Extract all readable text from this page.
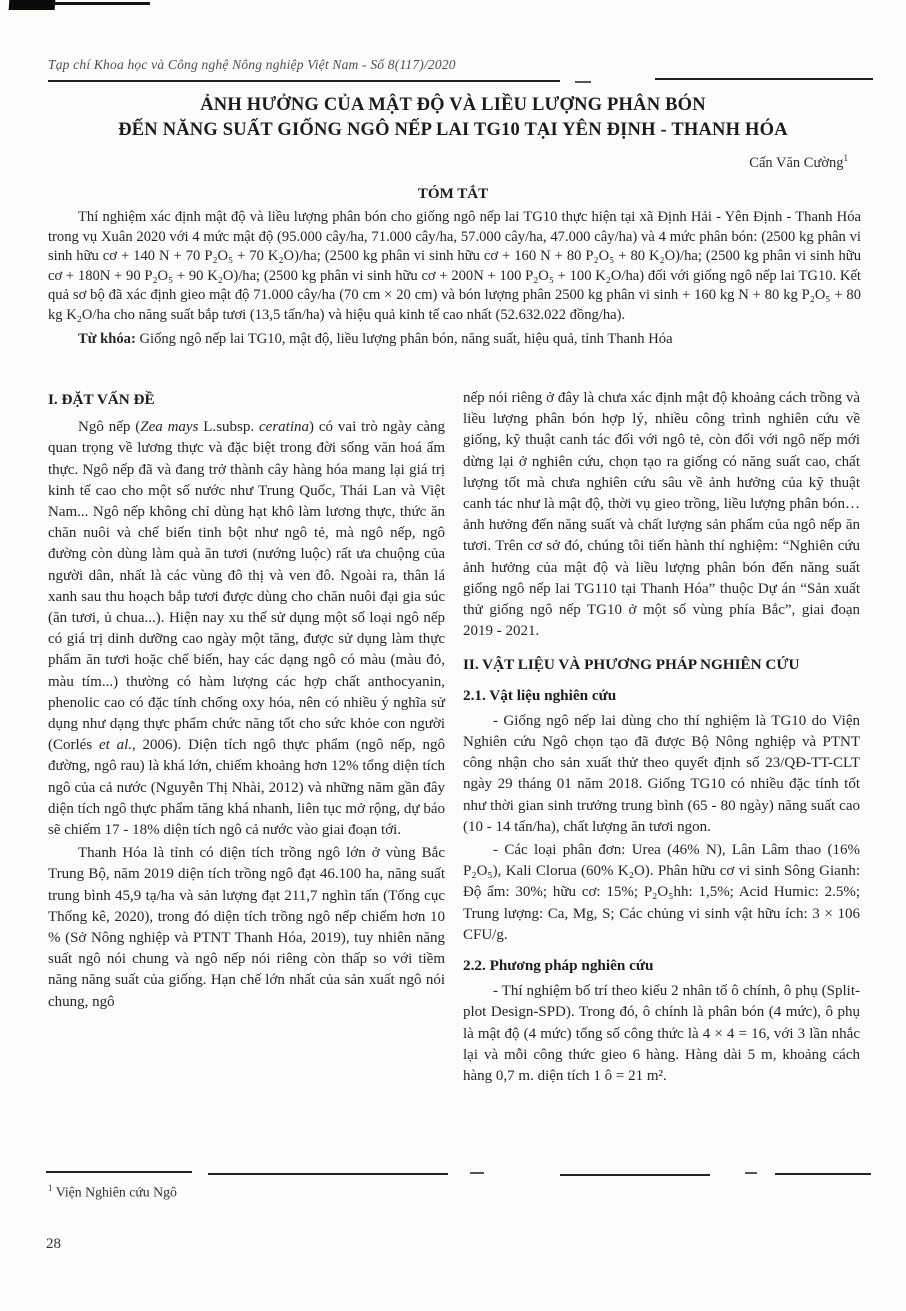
Tạp chí Khoa học và Công nghệ Nông nghiệp Việt Nam - Số 8(117)/2020
ẢNH HƯỞNG CỦA MẬT ĐỘ VÀ LIỀU LƯỢNG PHÂN BÓN
ĐẾN NĂNG SUẤT GIỐNG NGÔ NẾP LAI TG10 TẠI YÊN ĐỊNH - THANH HÓA
Cấn Văn Cường$^1$
TÓM TẮT

Thí nghiệm xác định mật độ và liều lượng phân bón cho giống ngô nếp lai TG10 thực hiện tại xã Định Hải - Yên Định - Thanh Hóa trong vụ Xuân 2020 với 4 mức mật độ (95.000 cây/ha, 71.000 cây/ha, 57.000 cây/ha, 47.000 cây/ha) và 4 mức phân bón: (2500 kg phân vi sinh hữu cơ + 140 N + 70 P₂O₅ + 70 K₂O)/ha; (2500 kg phân vi sinh hữu cơ + 160 N + 80 P₂O₅ + 80 K₂O)/ha; (2500 kg phân vi sinh hữu cơ + 180N + 90 P₂O₅ + 90 K₂O)/ha; (2500 kg phân vi sinh hữu cơ + 200N + 100 P₂O₅ + 100 K₂O/ha) đối với giống ngô nếp lai TG10. Kết quả sơ bộ đã xác định gieo mật độ 71.000 cây/ha (70 cm × 20 cm) và bón lượng phân 2500 kg phân vi sinh + 160 kg N + 80 kg P₂O₅ + 80 kg K₂O/ha cho năng suất bắp tươi (13,5 tấn/ha) và hiệu quả kinh tế cao nhất (52.632.022 đồng/ha).

Từ khóa: Giống ngô nếp lai TG10, mật độ, liều lượng phân bón, năng suất, hiệu quả, tỉnh Thanh Hóa

I. ĐẶT VẤN ĐỀ

Ngô nếp (Zea mays L.subsp. ceratina) có vai trò ngày càng quan trọng về lương thực và đặc biệt trong đời sống văn hoá ẩm thực. Ngô nếp đã và đang trở thành cây hàng hóa mang lại giá trị kinh tế cao cho một số nước như Trung Quốc, Thái Lan và Việt Nam... Ngô nếp không chỉ dùng hạt khô làm lương thực, thức ăn chăn nuôi và chế biến tinh bột như ngô tẻ, mà ngô nếp, ngô đường còn dùng làm quà ăn tươi (nướng luộc) rất ưa chuộng của người dân, nhất là các vùng đô thị và ven đô. Ngoài ra, thân lá xanh sau thu hoạch bắp tươi được dùng cho chăn nuôi đại gia súc (ăn tươi, ủ chua...). Hiện nay xu thế sử dụng một số loại ngô nếp có giá trị dinh dưỡng cao ngày một tăng, được sử dụng làm thực phẩm ăn tươi hoặc chế biến, hay các dạng ngô có màu (màu đỏ, màu tím...) thường có hàm lượng các hợp chất anthocyanin, phenolic cao có đặc tính chống oxy hóa, nên có nhiều ý nghĩa sử dụng như dạng thực phẩm chức năng tốt cho sức khỏe con người (Corlés et al., 2006). Diện tích ngô thực phẩm (ngô nếp, ngô đường, ngô rau) là khá lớn, chiếm khoảng hơn 12% tổng diện tích ngô của cả nước (Nguyễn Thị Nhài, 2012) và những năm gần đây diện tích ngô thực phẩm tăng khá nhanh, liên tục mở rộng, dự báo sẽ chiếm 17 - 18% diện tích ngô cả nước vào giai đoạn tới.

Thanh Hóa là tỉnh có diện tích trồng ngô lớn ở vùng Bắc Trung Bộ, năm 2019 diện tích trồng ngô đạt 46.100 ha, năng suất trung bình 45,9 tạ/ha và sản lượng đạt 211,7 nghìn tấn (Tổng cục Thống kê, 2020), trong đó diện tích trồng ngô nếp chiếm hơn 10 % (Sở Nông nghiệp và PTNT Thanh Hóa, 2019), tuy nhiên năng suất ngô nói chung và ngô nếp nói riêng còn thấp so với tiềm năng năng suất của giống. Hạn chế lớn nhất của sản xuất ngô nói chung, ngô

nếp nói riêng ở đây là chưa xác định mật độ khoảng cách trồng và liều lượng phân bón hợp lý, nhiều công trình nghiên cứu về giống, kỹ thuật canh tác đối với ngô tẻ, còn đối với ngô nếp mới dừng lại ở nghiên cứu, chọn tạo ra giống có năng suất cao, chất lượng tốt mà chưa nghiên cứu sâu về ảnh hưởng của kỹ thuật canh tác như là mật độ, thời vụ gieo trồng, liều lượng phân bón… ảnh hưởng đến năng suất và chất lượng sản phẩm của ngô nếp ăn tươi. Trên cơ sở đó, chúng tôi tiến hành thí nghiệm: “Nghiên cứu ảnh hưởng của mật độ và liều lượng phân bón đến năng suất giống ngô nếp lai TG110 tại Thanh Hóa” thuộc Dự án “Sản xuất thử giống ngô nếp TG10 ở một số vùng phía Bắc”, giai đoạn 2019 - 2021.

II. VẬT LIỆU VÀ PHƯƠNG PHÁP NGHIÊN CỨU
2.1. Vật liệu nghiên cứu

- Giống ngô nếp lai dùng cho thí nghiệm là TG10 do Viện Nghiên cứu Ngô chọn tạo đã được Bộ Nông nghiệp và PTNT công nhận cho sản xuất thử theo quyết định số 23/QĐ-TT-CLT ngày 29 tháng 01 năm 2018. Giống TG10 có nhiều đặc tính tốt như thời gian sinh trưởng trung bình (65 - 80 ngày) năng suất cao (10 - 14 tấn/ha), chất lượng ăn tươi ngon.

- Các loại phân đơn: Urea (46% N), Lân Lâm thao (16% P₂O₅), Kali Clorua (60% K₂O). Phân hữu cơ vi sinh Sông Gianh: Độ ẩm: 30%; hữu cơ: 15%; P₂O₅hh: 1,5%; Acid Humic: 2.5%; Trung lượng: Ca, Mg, S; Các chủng vi sinh vật hữu ích: 3 × 106 CFU/g.

2.2. Phương pháp nghiên cứu

- Thí nghiệm bố trí theo kiểu 2 nhân tố ô chính, ô phụ (Split-plot Design-SPD). Trong đó, ô chính là phân bón (4 mức), ô phụ là mật độ (4 mức) tổng số công thức là 4 × 4 = 16, với 3 lần nhắc lại và mỗi công thức gieo 6 hàng. Hàng dài 5 m, khoảng cách hàng 0,7 m. diện tích 1 ô = 21 m².

$^1$ Viện Nghiên cứu Ngô
28
